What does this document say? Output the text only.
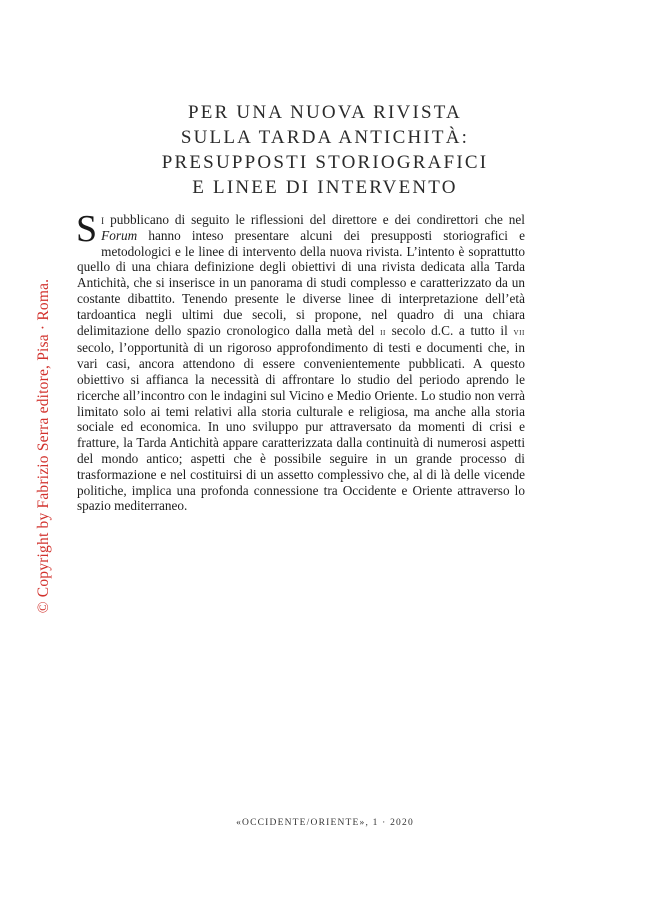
© Copyright by Fabrizio Serra editore, Pisa · Roma.
PER UNA NUOVA RIVISTA
SULLA TARDA ANTICHITÀ:
PRESUPPOSTI STORIOGRAFICI
E LINEE DI INTERVENTO

Si pubblicano di seguito le riflessioni del direttore e dei condirettori che nel Forum hanno inteso presentare alcuni dei presupposti storiografici e metodologici e le linee di intervento della nuova rivista. L’intento è soprattutto quello di una chiara definizione degli obiettivi di una rivista dedicata alla Tarda Antichità, che si inserisce in un panorama di studi complesso e caratterizzato da un costante dibattito. Tenendo presente le diverse linee di interpretazione dell’età tardoantica negli ultimi due secoli, si propone, nel quadro di una chiara delimitazione dello spazio cronologico dalla metà del ii secolo d.C. a tutto il vii secolo, l’opportunità di un rigoroso approfondimento di testi e documenti che, in vari casi, ancora attendono di essere convenientemente pubblicati. A questo obiettivo si affianca la necessità di affrontare lo studio del periodo aprendo le ricerche all’incontro con le indagini sul Vicino e Medio Oriente. Lo studio non verrà limitato solo ai temi relativi alla storia culturale e religiosa, ma anche alla storia sociale ed economica. In uno sviluppo pur attraversato da momenti di crisi e fratture, la Tarda Antichità appare caratterizzata dalla continuità di numerosi aspetti del mondo antico; aspetti che è possibile seguire in un grande processo di trasformazione e nel costituirsi di un assetto complessivo che, al di là delle vicende politiche, implica una profonda connessione tra Occidente e Oriente attraverso lo spazio mediterraneo.

«OCCIDENTE/ORIENTE», 1 · 2020
